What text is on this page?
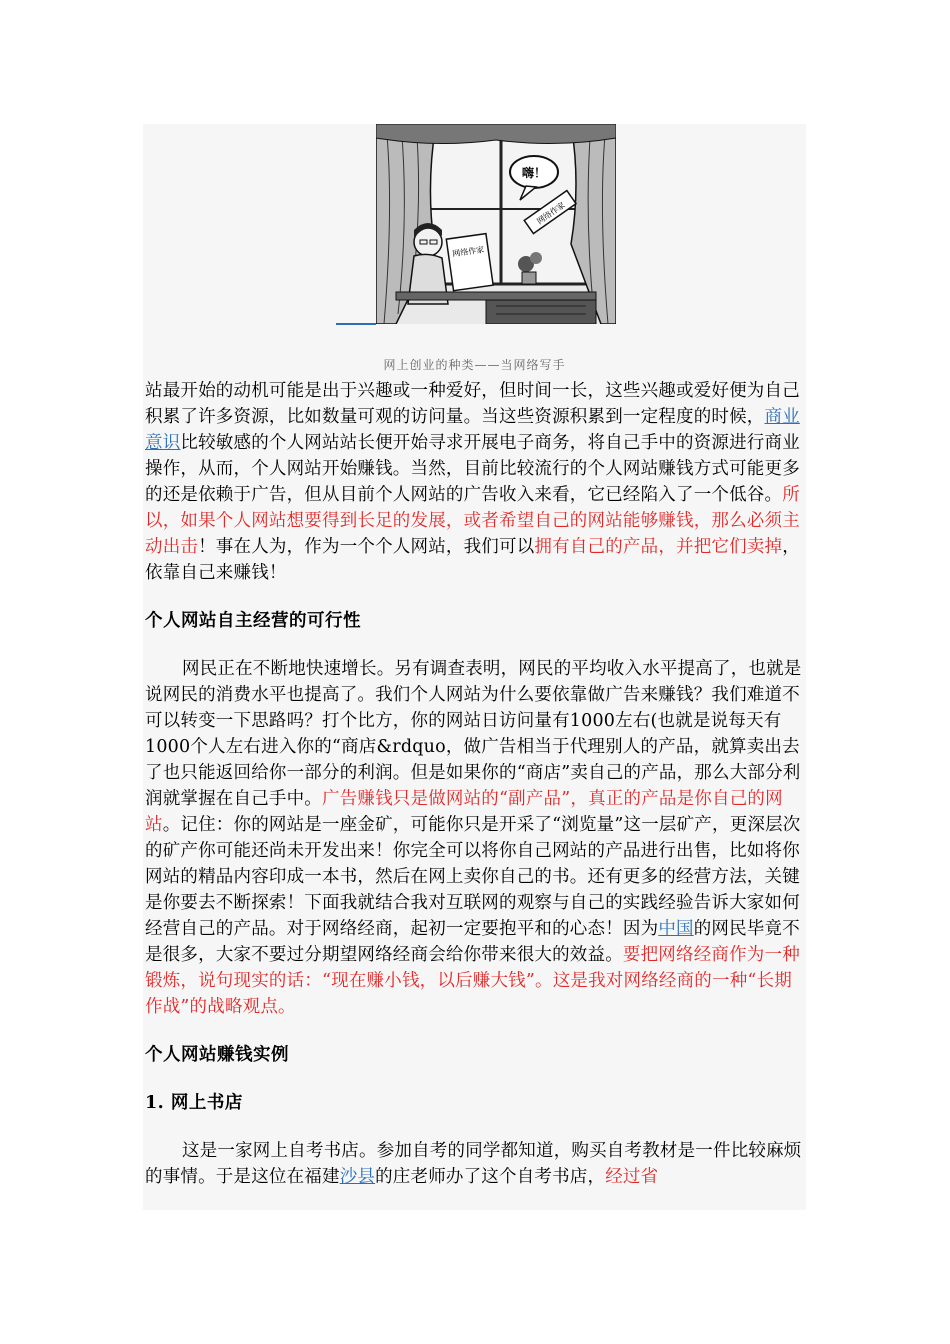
嗨！
网络作家
网络作家
网上创业的种类——当网络写手

站最开始的动机可能是出于兴趣或一种爱好，但时间一长，这些兴趣或爱好便为自己积累了许多资源，比如数量可观的访问量。当这些资源积累到一定程度的时候，商业意识比较敏感的个人网站站长便开始寻求开展电子商务，将自己手中的资源进行商业操作，从而，个人网站开始赚钱。当然，目前比较流行的个人网站赚钱方式可能更多的还是依赖于广告，但从目前个人网站的广告收入来看，它已经陷入了一个低谷。所以，如果个人网站想要得到长足的发展，或者希望自己的网站能够赚钱，那么必须主动出击！事在人为，作为一个个人网站，我们可以拥有自己的产品，并把它们卖掉，依靠自己来赚钱！

个人网站自主经营的可行性

网民正在不断地快速增长。另有调查表明，网民的平均收入水平提高了，也就是说网民的消费水平也提高了。我们个人网站为什么要依靠做广告来赚钱？我们难道不可以转变一下思路吗？打个比方，你的网站日访问量有1000左右(也就是说每天有1000个人左右进入你的“商店&rdquo，做广告相当于代理别人的产品，就算卖出去了也只能返回给你一部分的利润。但是如果你的“商店”卖自己的产品，那么大部分利润就掌握在自己手中。广告赚钱只是做网站的“副产品”，真正的产品是你自己的网站。记住：你的网站是一座金矿，可能你只是开采了“浏览量”这一层矿产，更深层次的矿产你可能还尚未开发出来！你完全可以将你自己网站的产品进行出售，比如将你网站的精品内容印成一本书，然后在网上卖你自己的书。还有更多的经营方法，关键是你要去不断探索！下面我就结合我对互联网的观察与自己的实践经验告诉大家如何经营自己的产品。对于网络经商，起初一定要抱平和的心态！因为中国的网民毕竟不是很多，大家不要过分期望网络经商会给你带来很大的效益。要把网络经商作为一种锻炼，说句现实的话：“现在赚小钱，以后赚大钱”。这是我对网络经商的一种“长期作战”的战略观点。

个人网站赚钱实例
1. 网上书店

这是一家网上自考书店。参加自考的同学都知道，购买自考教材是一件比较麻烦的事情。于是这位在福建沙县的庄老师办了这个自考书店，经过省
